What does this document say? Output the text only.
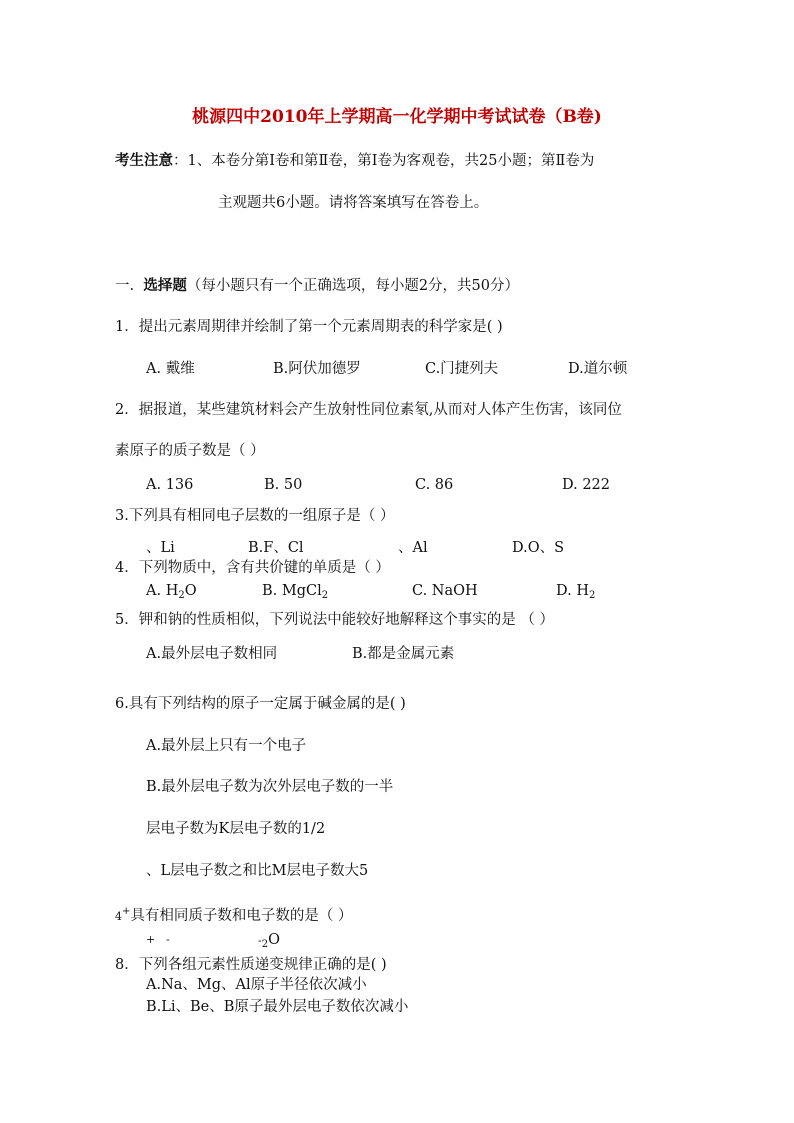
桃源四中2010年上学期高一化学期中考试试卷（B卷)
考生注意：1、本卷分第Ⅰ卷和第Ⅱ卷，第Ⅰ卷为客观卷，共25小题；第Ⅱ卷为
主观题共6小题。请将答案填写在答卷上。
一. 选择题（每小题只有一个正确选项，每小题2分，共50分）
1．提出元素周期律并绘制了第一个元素周期表的科学家是( )
A. 戴维	B.阿伏加德罗	C.门捷列夫	D.道尔顿
2．据报道，某些建筑材料会产生放射性同位素氡,从而对人体产生伤害，该同位
素原子的质子数是（ ）
A. 136	B. 50	C. 86	D. 222
3.下列具有相同电子层数的一组原子是（ ）
、Li	B.F、Cl	、Al	D.O、S
4．下列物质中，含有共价键的单质是（ ）
A. $H_2O$	B. MgCl$_2$	C. NaOH	D. $H_2$
5．钾和钠的性质相似，下列说法中能较好地解释这个事实的是 （ ）
A.最外层电子数相同	B.都是金属元素
6.具有下列结构的原子一定属于碱金属的是( )
A.最外层上只有一个电子
B.最外层电子数为次外层电子数的一半
层电子数为K层电子数的1/2
、L层电子数之和比M层电子数大5
4+具有相同质子数和电子数的是（ ）
+ -	$-_2O$
8．下列各组元素性质递变规律正确的是( )
A.Na、Mg、Al原子半径依次减小
B.Li、Be、B原子最外层电子数依次减小
